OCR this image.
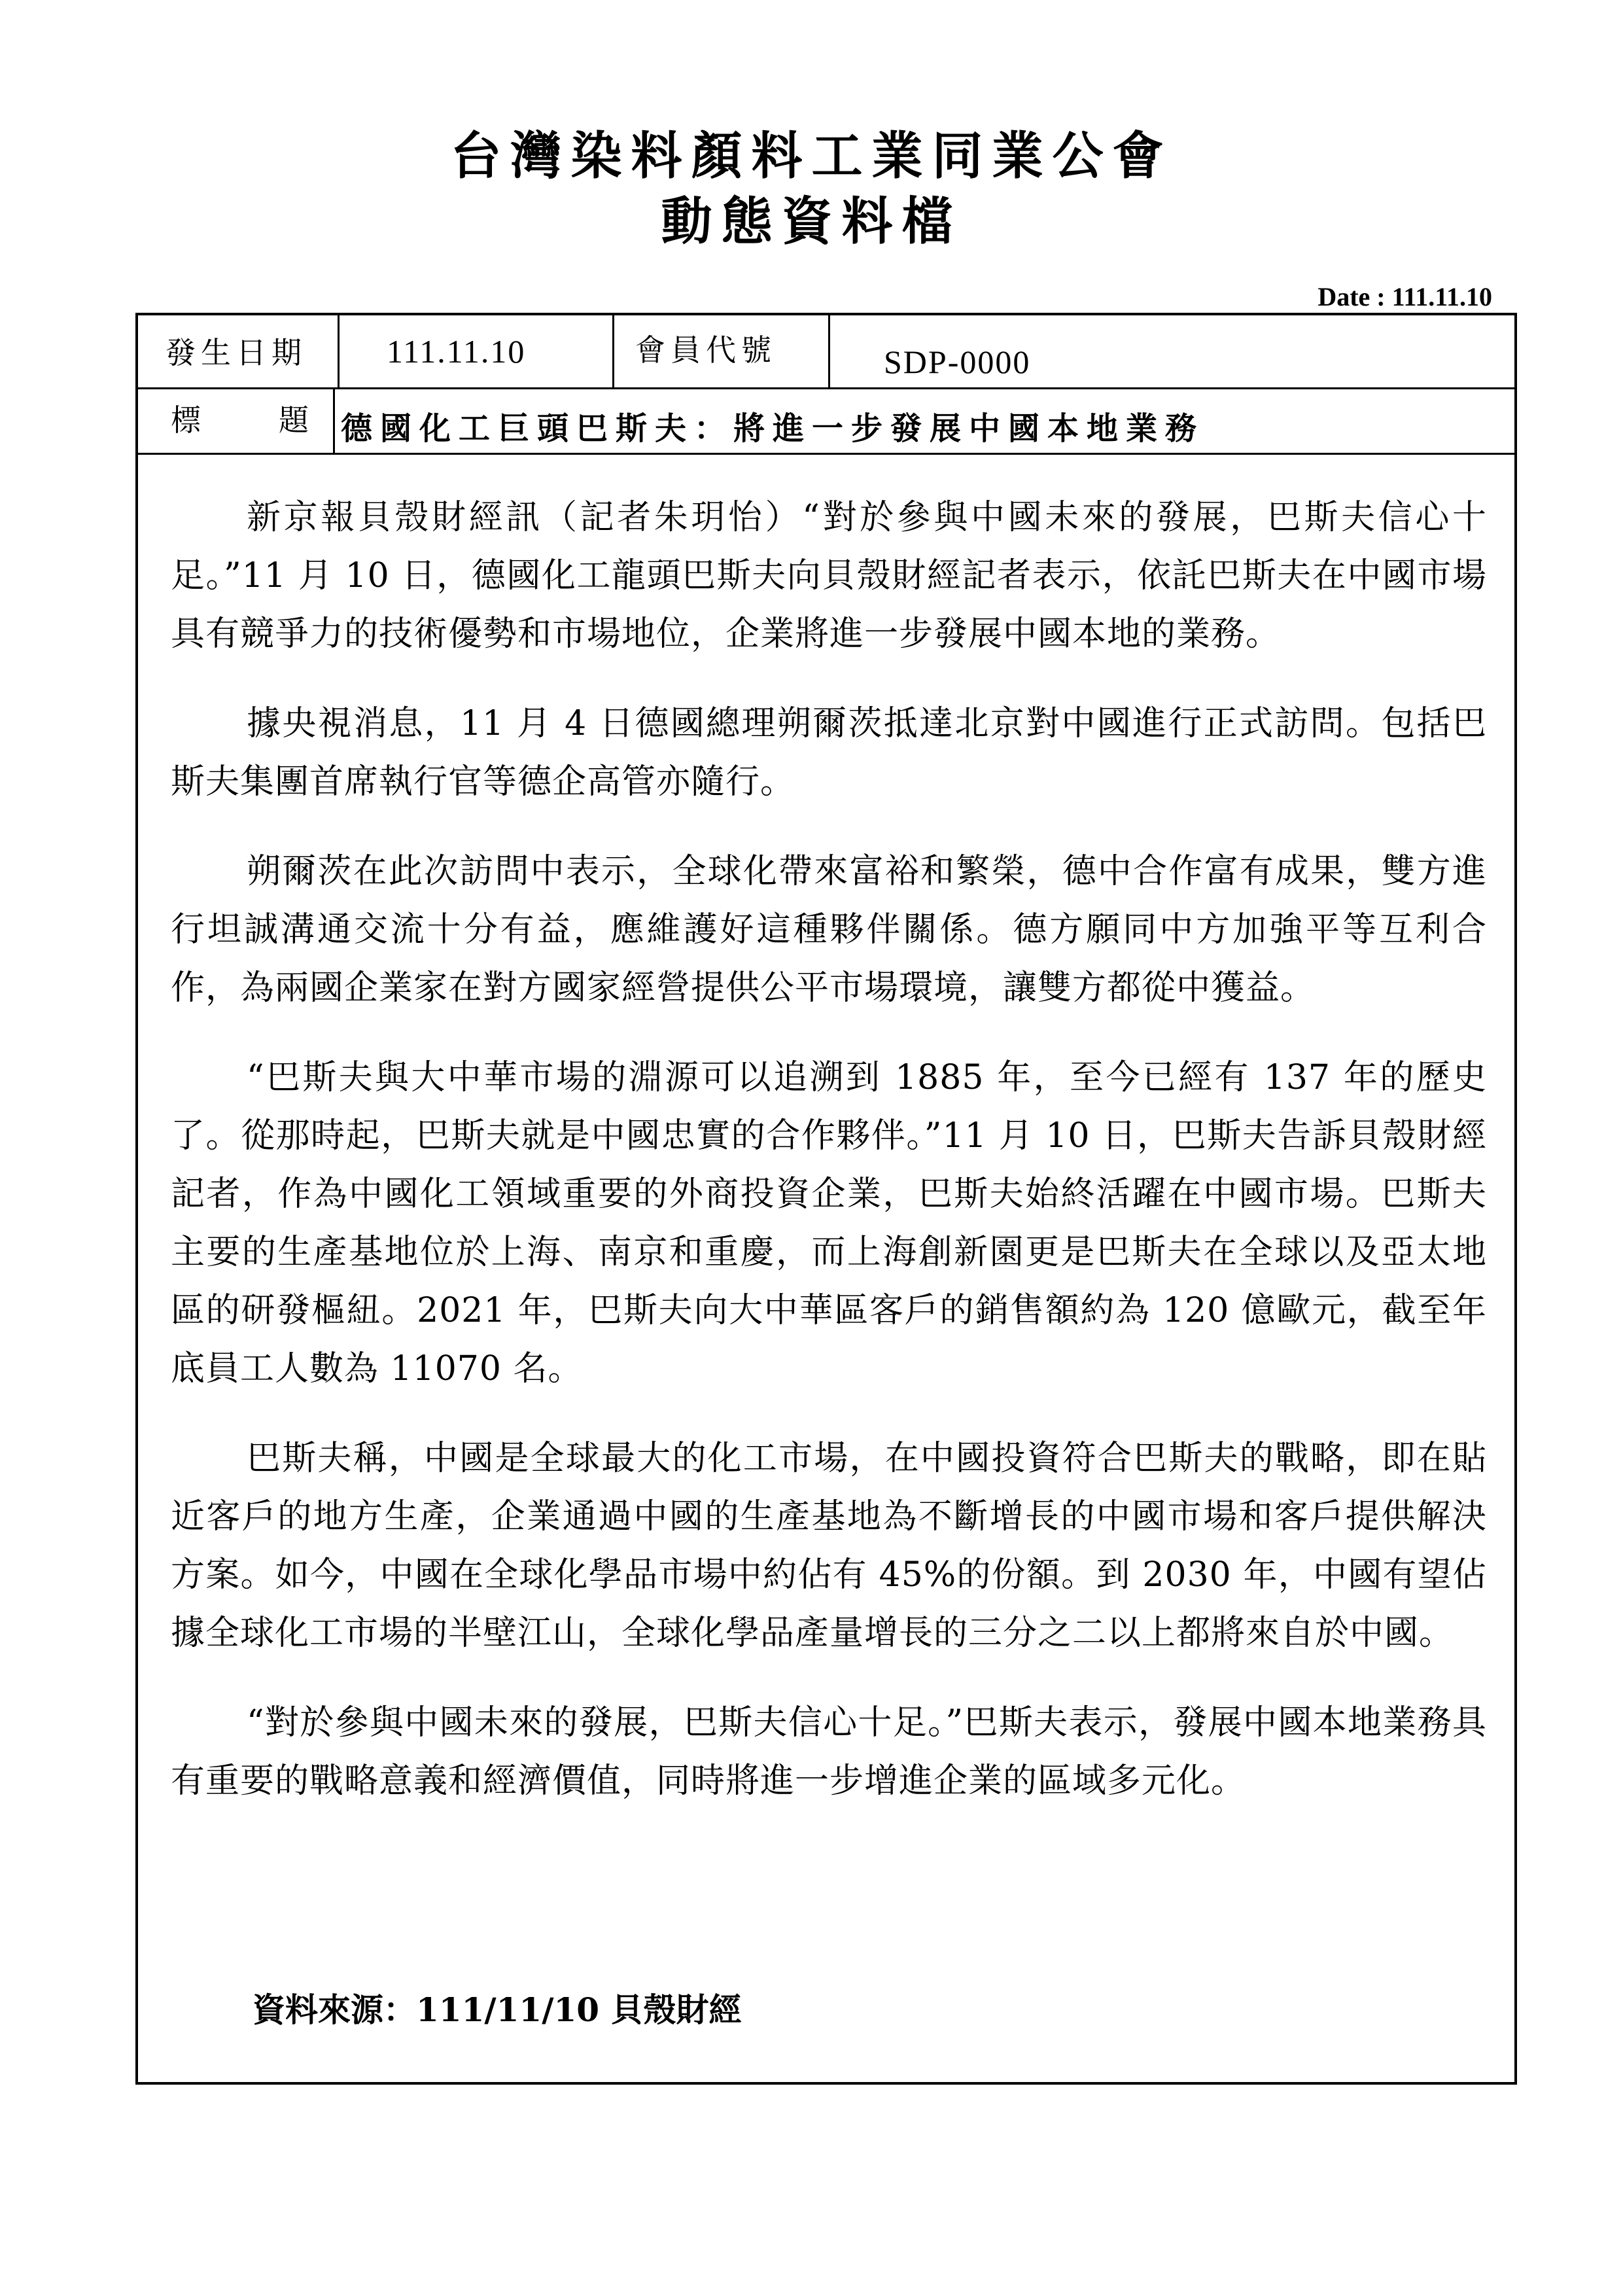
台灣染料顏料工業同業公會
動態資料檔
Date : 111.11.10
發生日期 111.11.10	會員代號	SDP-0000
標	題 德國化工巨頭巴斯夫：將進一步發展中國本地業務

新京報貝殼財經訊（記者朱玥怡）“對於參與中國未來的發展，巴斯夫信心十足。”11 月 10 日，德國化工龍頭巴斯夫向貝殼財經記者表示，依託巴斯夫在中國市場具有競爭力的技術優勢和市場地位，企業將進一步發展中國本地的業務。

據央視消息，11 月 4 日德國總理朔爾茨抵達北京對中國進行正式訪問。包括巴斯夫集團首席執行官等德企高管亦隨行。

朔爾茨在此次訪問中表示，全球化帶來富裕和繁榮，德中合作富有成果，雙方進行坦誠溝通交流十分有益，應維護好這種夥伴關係。德方願同中方加強平等互利合作，為兩國企業家在對方國家經營提供公平市場環境，讓雙方都從中獲益。

“巴斯夫與大中華市場的淵源可以追溯到 1885 年，至今已經有 137 年的歷史了。從那時起，巴斯夫就是中國忠實的合作夥伴。”11 月 10 日，巴斯夫告訴貝殼財經記者，作為中國化工領域重要的外商投資企業，巴斯夫始終活躍在中國市場。巴斯夫主要的生產基地位於上海、南京和重慶，而上海創新園更是巴斯夫在全球以及亞太地區的研發樞紐。2021 年，巴斯夫向大中華區客戶的銷售額約為 120 億歐元，截至年底員工人數為 11070 名。

巴斯夫稱，中國是全球最大的化工市場，在中國投資符合巴斯夫的戰略，即在貼近客戶的地方生產，企業通過中國的生產基地為不斷增長的中國市場和客戶提供解決方案。如今，中國在全球化學品市場中約佔有 45%的份額。到 2030 年，中國有望佔據全球化工市場的半壁江山，全球化學品產量增長的三分之二以上都將來自於中國。

“對於參與中國未來的發展，巴斯夫信心十足。”巴斯夫表示，發展中國本地業務具有重要的戰略意義和經濟價值，同時將進一步增進企業的區域多元化。

資料來源：111/11/10 貝殼財經
